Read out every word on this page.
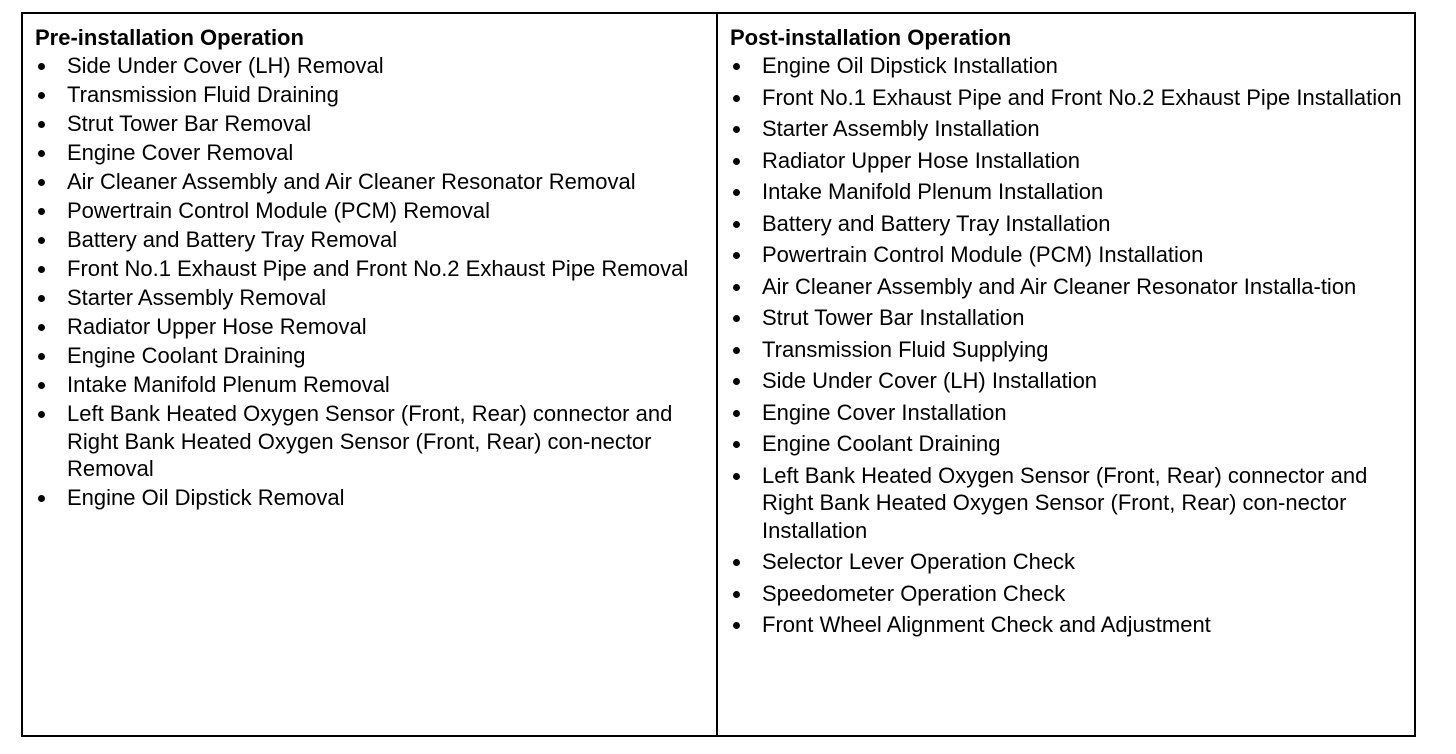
Pre-installation Operation
Side Under Cover (LH) Removal
Transmission Fluid Draining
Strut Tower Bar Removal
Engine Cover Removal
Air Cleaner Assembly and Air Cleaner Resonator Removal
Powertrain Control Module (PCM) Removal
Battery and Battery Tray Removal
Front No.1 Exhaust Pipe and Front No.2 Exhaust Pipe Removal
Starter Assembly Removal
Radiator Upper Hose Removal
Engine Coolant Draining
Intake Manifold Plenum Removal
Left Bank Heated Oxygen Sensor (Front, Rear) connector and Right Bank Heated Oxygen Sensor (Front, Rear) con-nector Removal
Engine Oil Dipstick Removal
Post-installation Operation
Engine Oil Dipstick Installation
Front No.1 Exhaust Pipe and Front No.2 Exhaust Pipe Installation
Starter Assembly Installation
Radiator Upper Hose Installation
Intake Manifold Plenum Installation
Battery and Battery Tray Installation
Powertrain Control Module (PCM) Installation
Air Cleaner Assembly and Air Cleaner Resonator Installa-tion
Strut Tower Bar Installation
Transmission Fluid Supplying
Side Under Cover (LH) Installation
Engine Cover Installation
Engine Coolant Draining
Left Bank Heated Oxygen Sensor (Front, Rear) connector and Right Bank Heated Oxygen Sensor (Front, Rear) con-nector Installation
Selector Lever Operation Check
Speedometer Operation Check
Front Wheel Alignment Check and Adjustment
